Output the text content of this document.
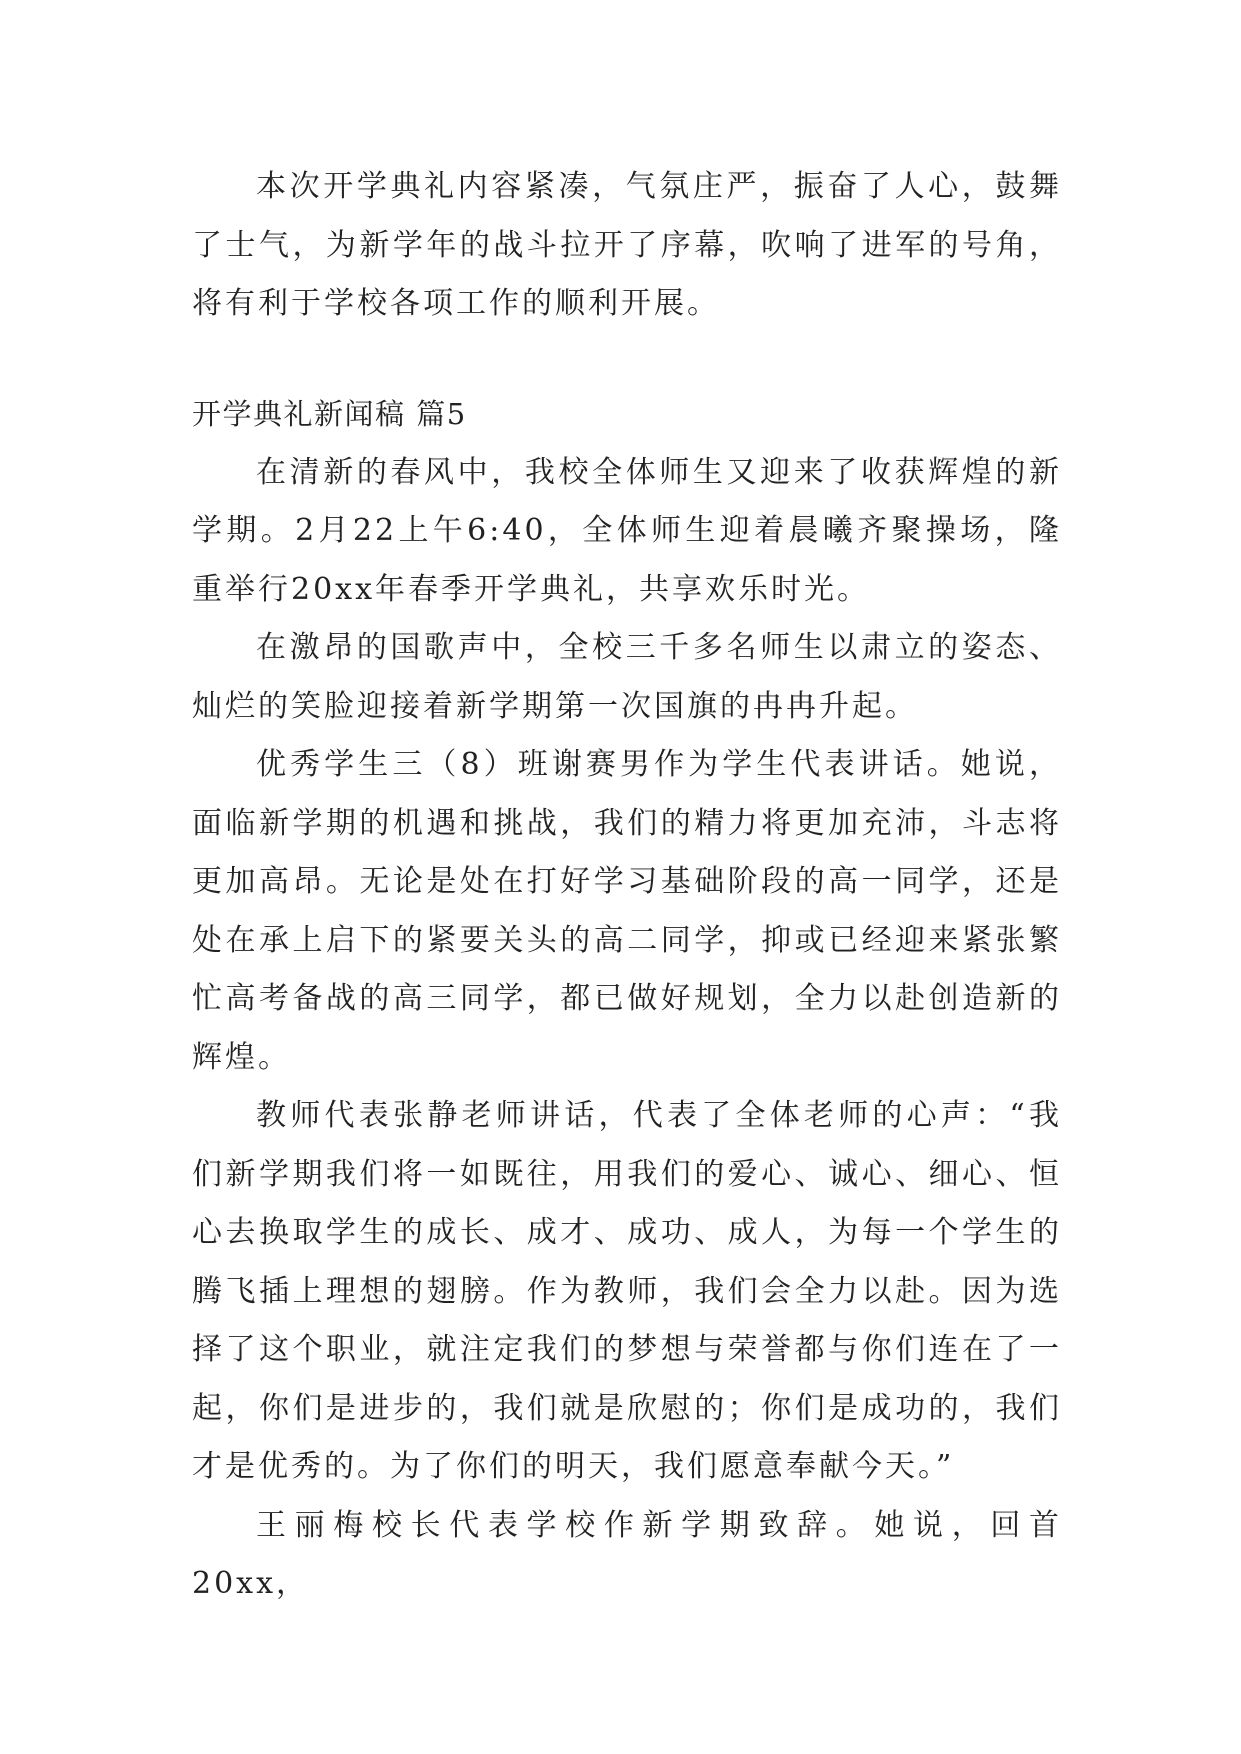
本次开学典礼内容紧凑，气氛庄严，振奋了人心，鼓舞了士气，为新学年的战斗拉开了序幕，吹响了进军的号角，将有利于学校各项工作的顺利开展。

开学典礼新闻稿 篇5

在清新的春风中，我校全体师生又迎来了收获辉煌的新学期。2月22上午6:40，全体师生迎着晨曦齐聚操场，隆重举行20xx年春季开学典礼，共享欢乐时光。

在激昂的国歌声中，全校三千多名师生以肃立的姿态、灿烂的笑脸迎接着新学期第一次国旗的冉冉升起。

优秀学生三（8）班谢赛男作为学生代表讲话。她说，面临新学期的机遇和挑战，我们的精力将更加充沛，斗志将更加高昂。无论是处在打好学习基础阶段的高一同学，还是处在承上启下的紧要关头的高二同学，抑或已经迎来紧张繁忙高考备战的高三同学，都已做好规划，全力以赴创造新的辉煌。

教师代表张静老师讲话，代表了全体老师的心声：“我们新学期我们将一如既往，用我们的爱心、诚心、细心、恒心去换取学生的成长、成才、成功、成人，为每一个学生的腾飞插上理想的翅膀。作为教师，我们会全力以赴。因为选择了这个职业，就注定我们的梦想与荣誉都与你们连在了一起，你们是进步的，我们就是欣慰的；你们是成功的，我们才是优秀的。为了你们的明天，我们愿意奉献今天。”

王丽梅校长代表学校作新学期致辞。她说，回首20xx，
